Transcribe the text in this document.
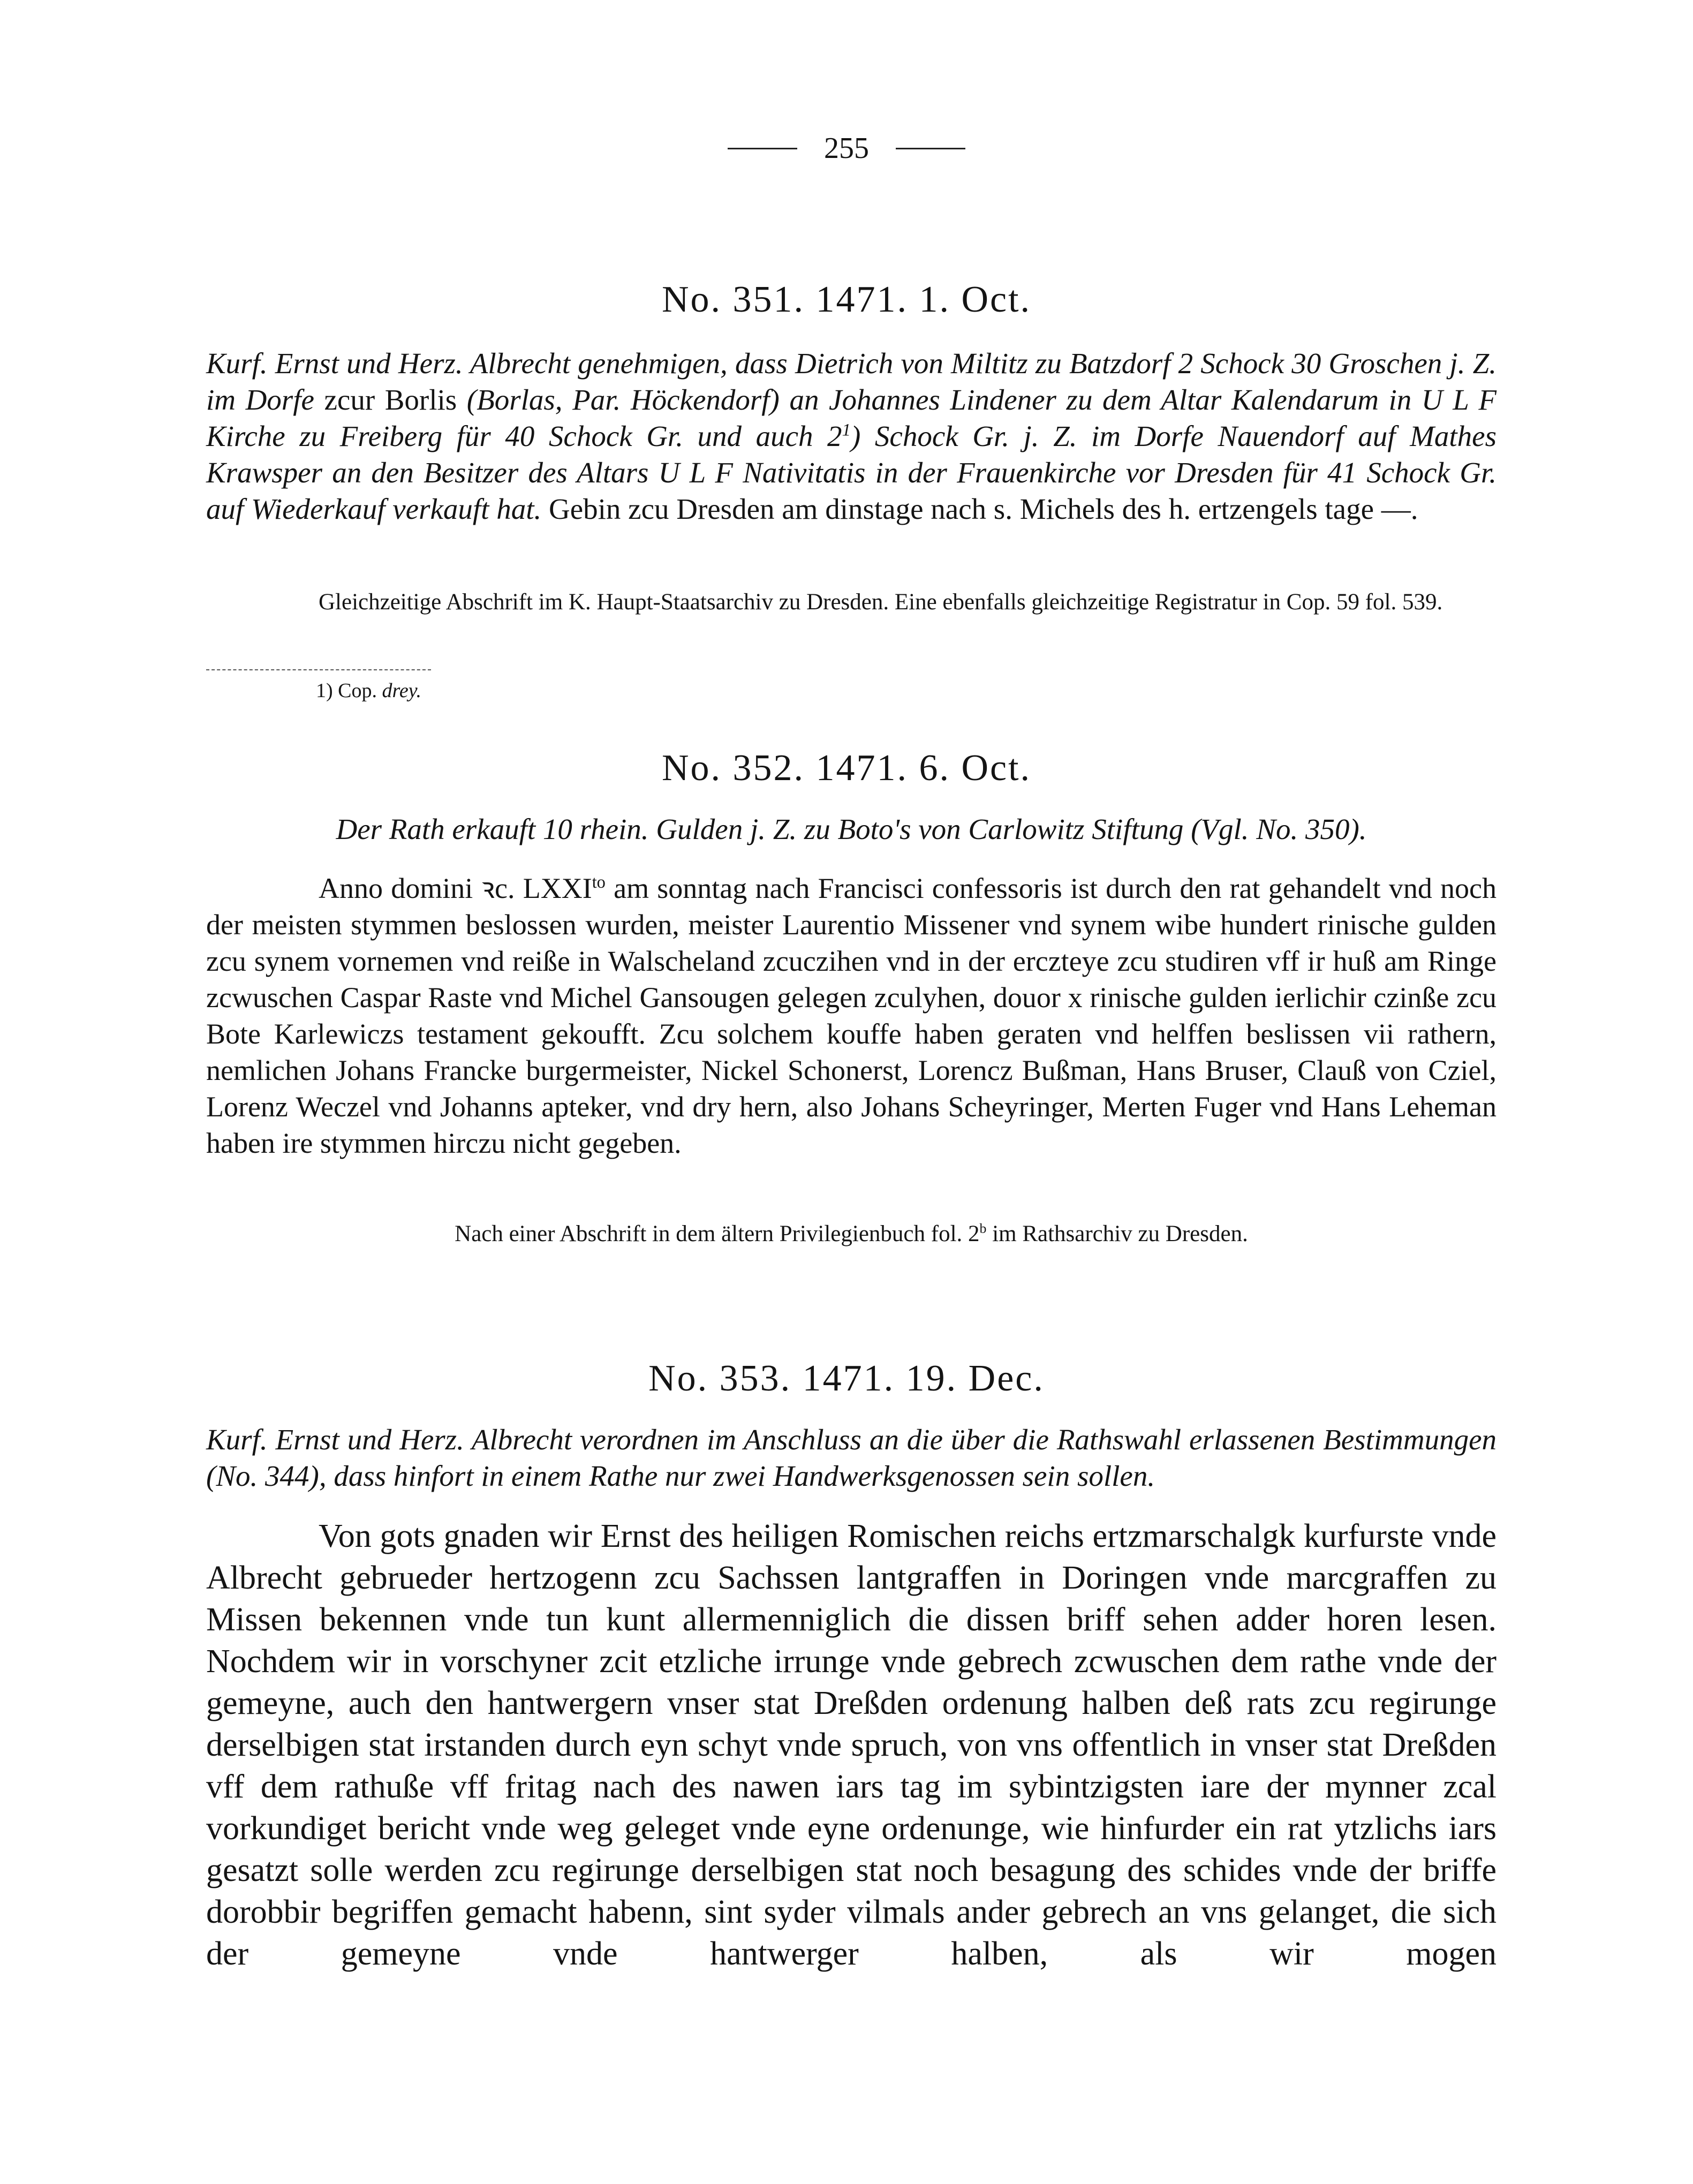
255
No. 351. 1471. 1. Oct.

Kurf. Ernst und Herz. Albrecht genehmigen, dass Dietrich von Miltitz zu Batzdorf 2 Schock 30 Groschen j. Z. im Dorfe zcur Borlis (Borlas, Par. Höckendorf) an Johannes Lindener zu dem Altar Kalendarum in U L F Kirche zu Freiberg für 40 Schock Gr. und auch $2^1$) Schock Gr. j. Z. im Dorfe Nauendorf auf Mathes Krawsper an den Besitzer des Altars U L F Nativitatis in der Frauenkirche vor Dresden für 41 Schock Gr. auf Wiederkauf verkauft hat. Gebin zcu Dresden am dinstage nach s. Michels des h. ertzengels tage —.

Gleichzeitige Abschrift im K. Haupt-Staatsarchiv zu Dresden. Eine ebenfalls gleichzeitige Registratur in Cop. 59 fol. 539.

1) Cop. drey.
No. 352. 1471. 6. Oct.

Der Rath erkauft 10 rhein. Gulden j. Z. zu Boto's von Carlowitz Stiftung (Vgl. No. 350).

Anno domini ꝛc. $LXXI^{to}$ am sonntag nach Francisci confessoris ist durch den rat gehandelt vnd noch der meisten stymmen beslossen wurden, meister Laurentio Missener vnd synem wibe hundert rinische gulden zcu synem vornemen vnd reiße in Walscheland zcuczihen vnd in der erczteye zcu studiren vff ir huß am Ringe zcwuschen Caspar Raste vnd Michel Gansougen gelegen zculyhen, douor x rinische gulden ierlichir czinße zcu Bote Karlewiczs testament gekoufft. Zcu solchem kouffe haben geraten vnd helffen beslissen vii rathern, nemlichen Johans Francke burgermeister, Nickel Schonerst, Lorencz Bußman, Hans Bruser, Clauß von Cziel, Lorenz Weczel vnd Johanns apteker, vnd dry hern, also Johans Scheyringer, Merten Fuger vnd Hans Leheman haben ire stymmen hirczu nicht gegeben.

Nach einer Abschrift in dem ältern Privilegienbuch fol. 2$^b$ im Rathsarchiv zu Dresden.

No. 353. 1471. 19. Dec.

Kurf. Ernst und Herz. Albrecht verordnen im Anschluss an die über die Rathswahl erlassenen Bestimmungen (No. 344), dass hinfort in einem Rathe nur zwei Handwerksgenossen sein sollen.

Von gots gnaden wir Ernst des heiligen Romischen reichs ertzmarschalgk kurfurste vnde Albrecht gebrueder hertzogenn zcu Sachssen lantgraffen in Doringen vnde marcgraffen zu Missen bekennen vnde tun kunt allermenniglich die dissen briff sehen adder horen lesen. Nochdem wir in vorschyner zcit etzliche irrunge vnde gebrech zcwuschen dem rathe vnde der gemeyne, auch den hantwergern vnser stat Dreßden ordenung halben deß rats zcu regirunge derselbigen stat irstanden durch eyn schyt vnde spruch, von vns offentlich in vnser stat Dreßden vff dem rathuße vff fritag nach des nawen iars tag im sybintzigsten iare der mynner zcal vorkundiget bericht vnde weg geleget vnde eyne ordenunge, wie hinfurder ein rat ytzlichs iars gesatzt solle werden zcu regirunge derselbigen stat noch besagung des schides vnde der briffe dorobbir begriffen gemacht habenn, sint syder vilmals ander gebrech an vns gelanget, die sich der gemeyne vnde hantwerger halben, als wir mogen
